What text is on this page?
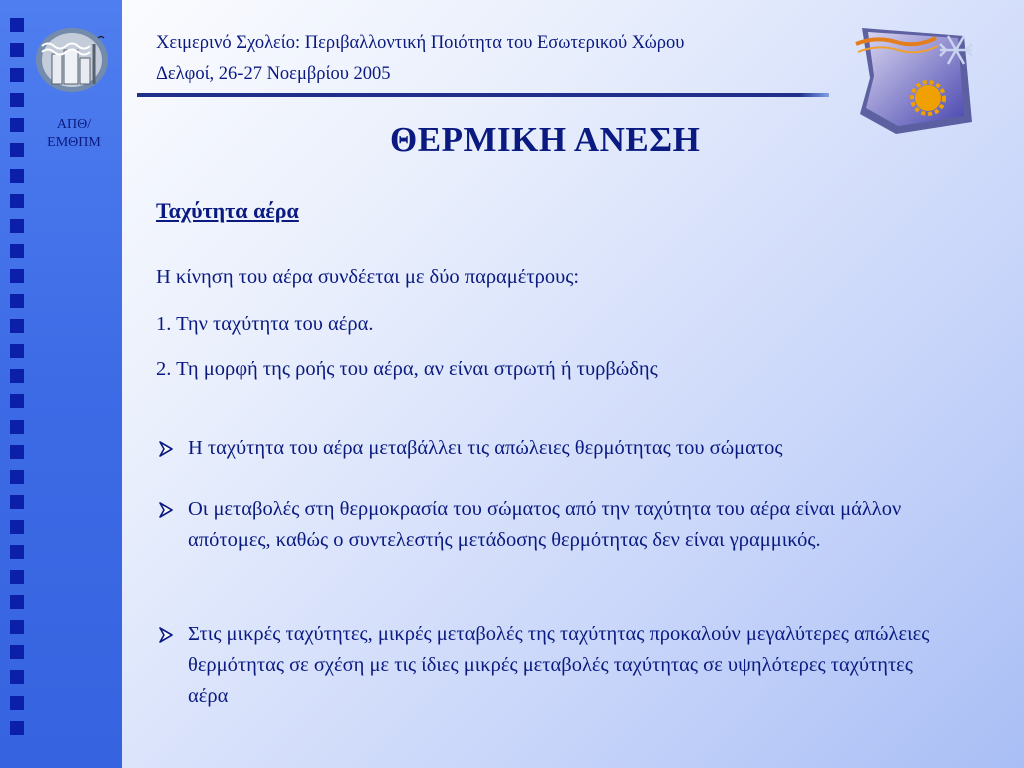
ΑΠΘ/
ΕΜΘΠΜ
Χειμερινό Σχολείο: Περιβαλλοντική Ποιότητα του Εσωτερικού Χώρου
Δελφοί, 26-27 Νοεμβρίου 2005
ΘΕΡΜΙΚΗ ΑΝΕΣΗ
Ταχύτητα αέρα
Η κίνηση του αέρα συνδέεται με δύο παραμέτρους:
1. Την ταχύτητα του αέρα.
2. Τη μορφή της ροής του αέρα, αν είναι στρωτή ή τυρβώδης
Η ταχύτητα του αέρα μεταβάλλει τις απώλειες θερμότητας του σώματος
Οι μεταβολές στη θερμοκρασία του σώματος από την ταχύτητα του αέρα είναι μάλλον απότομες, καθώς ο συντελεστής μετάδοσης θερμότητας δεν είναι γραμμικός.
Στις μικρές ταχύτητες, μικρές μεταβολές της ταχύτητας προκαλούν μεγαλύτερες απώλειες θερμότητας σε σχέση με τις ίδιες μικρές μεταβολές ταχύτητας σε υψηλότερες ταχύτητες αέρα
